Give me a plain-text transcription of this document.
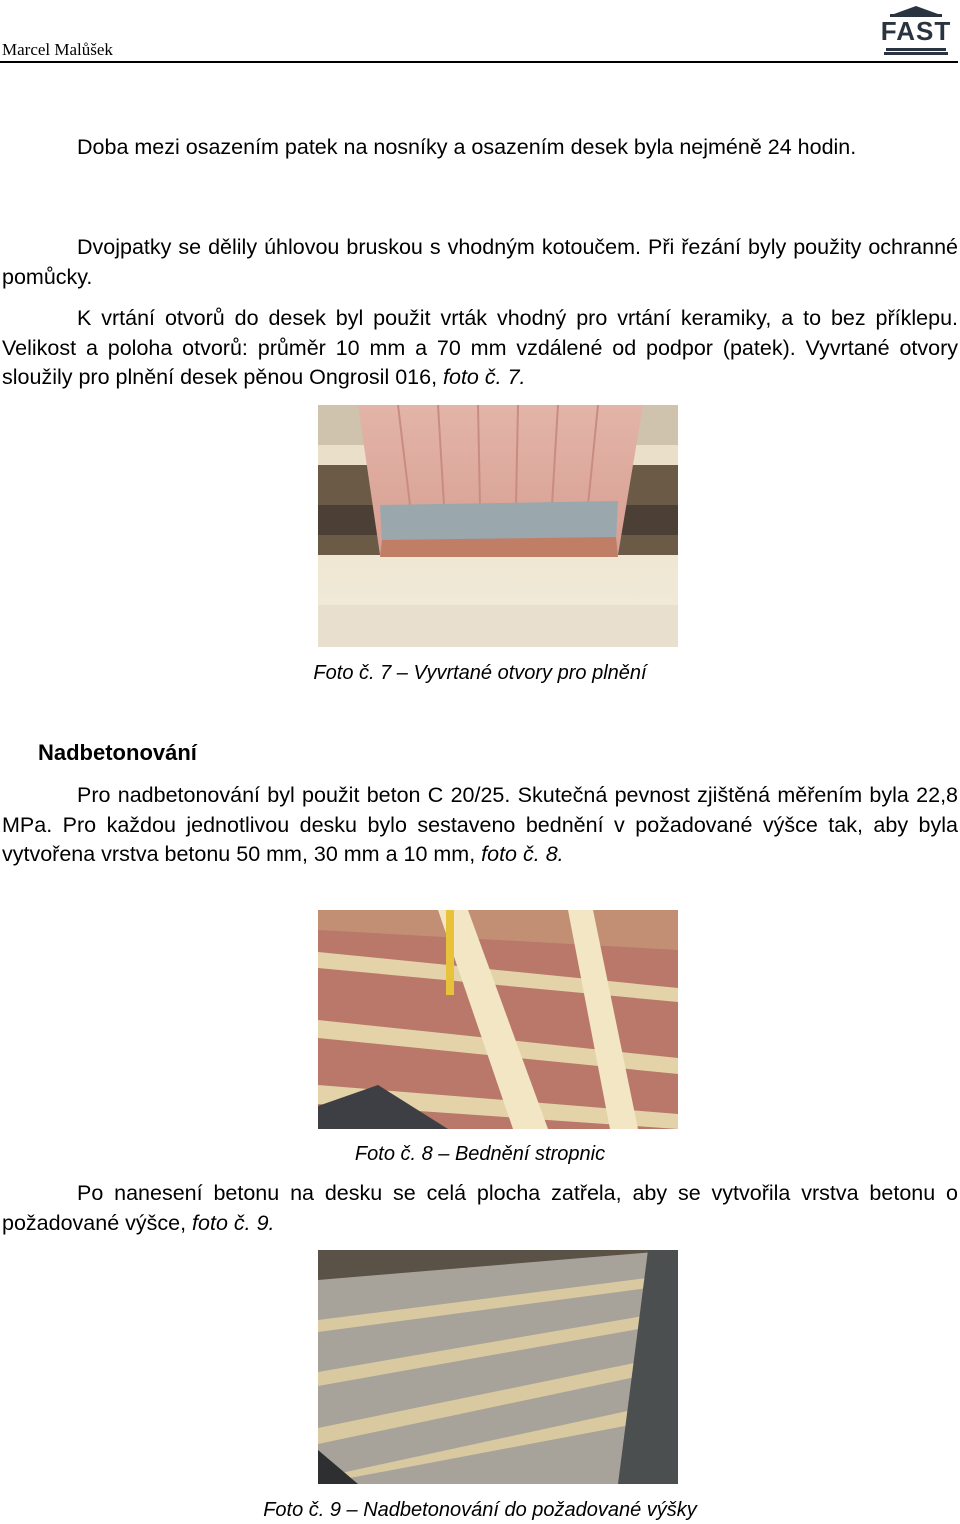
Marcel Malůšek
FAST
Doba mezi osazením patek na nosníky a osazením desek byla nejméně 24 hodin.
Dvojpatky se dělily úhlovou bruskou s vhodným kotoučem. Při řezání byly použity ochranné pomůcky.
K vrtání otvorů do desek byl použit vrták vhodný pro vrtání keramiky, a to bez příklepu. Velikost a poloha otvorů: průměr 10 mm a 70 mm vzdálené od podpor (patek). Vyvrtané otvory sloužily pro plnění desek pěnou Ongrosil 016, foto č. 7.
Foto č. 7 – Vyvrtané otvory pro plnění
Nadbetonování
Pro nadbetonování byl použit beton C 20/25. Skutečná pevnost zjištěná měřením byla 22,8 MPa. Pro každou jednotlivou desku bylo sestaveno bednění v požadované výšce tak, aby byla vytvořena vrstva betonu 50 mm, 30 mm a 10 mm, foto č. 8.
Foto č. 8 – Bednění stropnic
Po nanesení betonu na desku se celá plocha zatřela, aby se vytvořila vrstva betonu o požadované výšce, foto č. 9.
Foto č. 9 – Nadbetonování do požadované výšky
